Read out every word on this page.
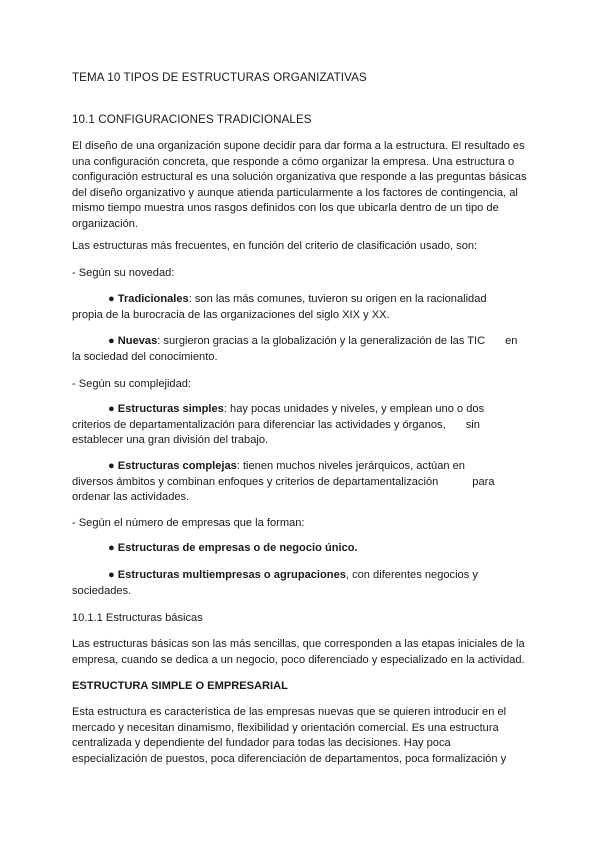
TEMA 10 TIPOS DE ESTRUCTURAS ORGANIZATIVAS

10.1 CONFIGURACIONES TRADICIONALES

El diseño de una organización supone decidir para dar forma a la estructura. El resultado es
una configuración concreta, que responde a cómo organizar la empresa. Una estructura o
configuración estructural es una solución organizativa que responde a las preguntas básicas
del diseño organizativo y aunque atienda particularmente a los factores de contingencia, al
mismo tiempo muestra unos rasgos definidos con los que ubicarla dentro de un tipo de
organización.

Las estructuras más frecuentes, en función del criterio de clasificación usado, son:

- Según su novedad:

● Tradicionales: son las más comunes, tuvieron su origen en la racionalidad
propia de la burocracia de las organizaciones del siglo XIX y XX.

● Nuevas: surgieron gracias a la globalización y la generalización de las TIC en
la sociedad del conocimiento.

- Según su complejidad:

● Estructuras simples: hay pocas unidades y niveles, y emplean uno o dos
criterios de departamentalización para diferenciar las actividades y órganos, sin
establecer una gran división del trabajo.

● Estructuras complejas: tienen muchos niveles jerárquicos, actúan en
diversos ámbitos y combinan enfoques y criterios de departamentalización	para
ordenar las actividades.

- Según el número de empresas que la forman:

● Estructuras de empresas o de negocio único.

● Estructuras multiempresas o agrupaciones, con diferentes negocios y
sociedades.

10.1.1 Estructuras básicas

Las estructuras básicas son las más sencillas, que corresponden a las etapas iniciales de la
empresa, cuando se dedica a un negocio, poco diferenciado y especializado en la actividad.

ESTRUCTURA SIMPLE O EMPRESARIAL

Esta estructura es característica de las empresas nuevas que se quieren introducir en el
mercado y necesitan dinamismo, flexibilidad y orientación comercial. Es una estructura
centralizada y dependiente del fundador para todas las decisiones. Hay poca
especialización de puestos, poca diferenciación de departamentos, poca formalización y
